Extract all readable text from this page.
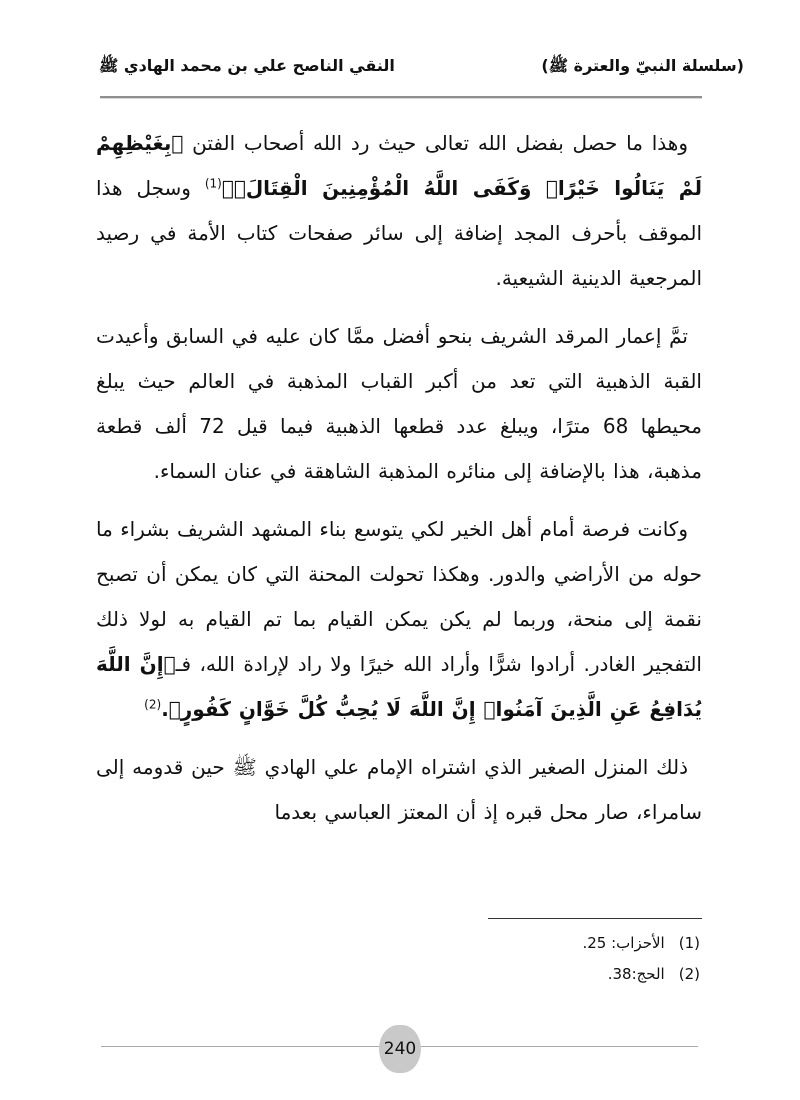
(سلسلة النبيّ والعترة ﷺ)
النقي الناصح علي بن محمد الهادي ﷺ

وهذا ما حصل بفضل الله تعالى حيث رد الله أصحاب الفتن ﴿بِغَيْظِهِمْ لَمْ يَنَالُوا خَيْرًاۚ وَكَفَى اللَّهُ الْمُؤْمِنِينَ الْقِتَالَۚ﴾$^{(1)}$ وسجل هذا الموقف بأحرف المجد إضافة إلى سائر صفحات كتاب الأمة في رصيد المرجعية الدينية الشيعية.

تمَّ إعمار المرقد الشريف بنحو أفضل ممَّا كان عليه في السابق وأعيدت القبة الذهبية التي تعد من أكبر القباب المذهبة في العالم حيث يبلغ محيطها 68 مترًا، ويبلغ عدد قطعها الذهبية فيما قيل 72 ألف قطعة مذهبة، هذا بالإضافة إلى منائره المذهبة الشاهقة في عنان السماء.

وكانت فرصة أمام أهل الخير لكي يتوسع بناء المشهد الشريف بشراء ما حوله من الأراضي والدور. وهكذا تحولت المحنة التي كان يمكن أن تصبح نقمة إلى منحة، وربما لم يكن يمكن القيام بما تم القيام به لولا ذلك التفجير الغادر. أرادوا شرًّا وأراد الله خيرًا ولا راد لإرادة الله، فـ﴿إِنَّ اللَّهَ يُدَافِعُ عَنِ الَّذِينَ آمَنُواۗ إِنَّ اللَّهَ لَا يُحِبُّ كُلَّ خَوَّانٍ كَفُورٍ﴾.$^{(2)}$

ذلك المنزل الصغير الذي اشتراه الإمام علي الهادي ﷺ حين قدومه إلى سامراء، صار محل قبره إذ أن المعتز العباسي بعدما

(1)الأحزاب: 25.
(2)الحج:38.
240
